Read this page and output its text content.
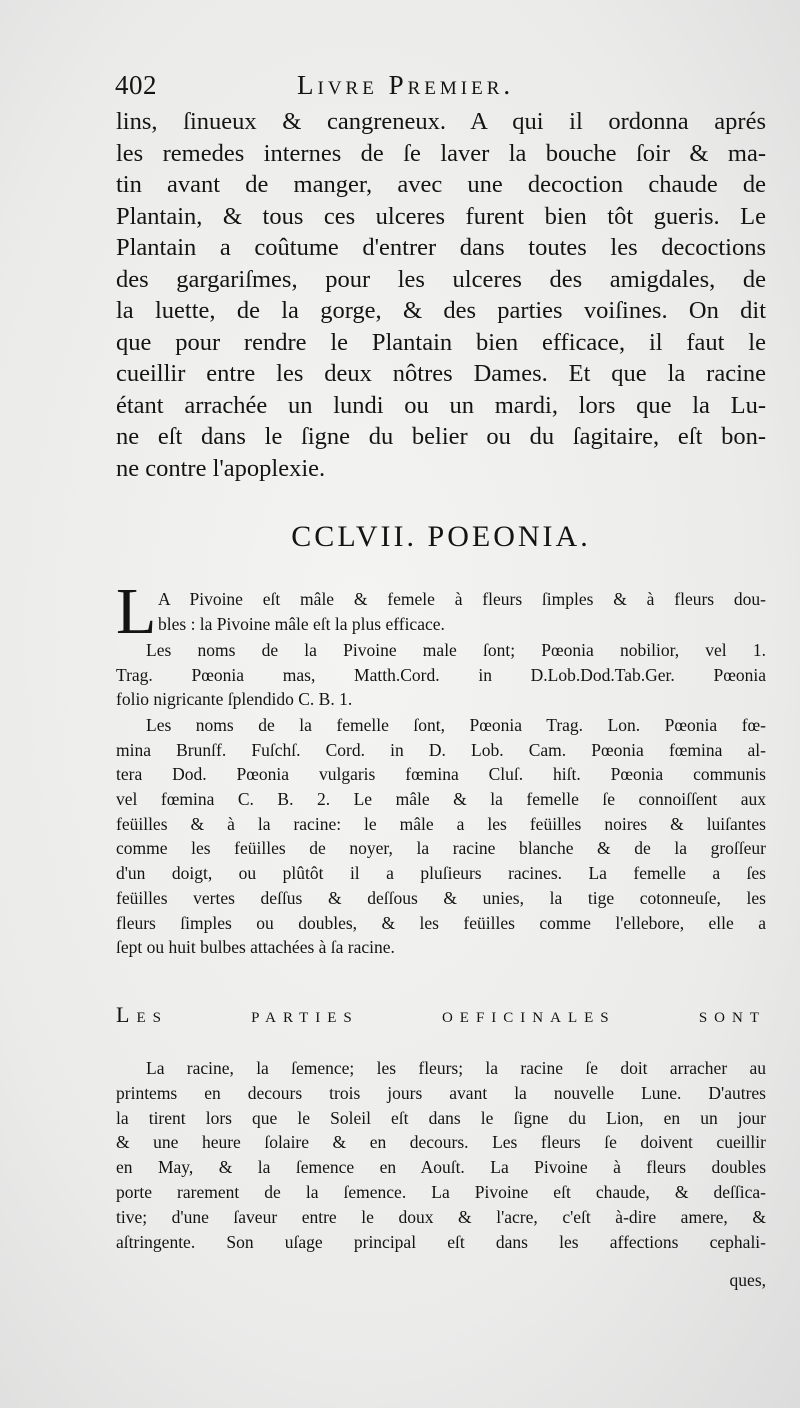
402	Livre Premier.
lins, ſinueux & cangreneux. A qui il ordonna aprés
les remedes internes de ſe laver la bouche ſoir & ma-
tin avant de manger, avec une decoction chaude de
Plantain, & tous ces ulceres furent bien tôt gueris. Le
Plantain a coûtume d'entrer dans toutes les decoctions
des gargariſmes, pour les ulceres des amigdales, de
la luette, de la gorge, & des parties voiſines. On dit
que pour rendre le Plantain bien efficace, il faut le
cueillir entre les deux nôtres Dames. Et que la racine
étant arrachée un lundi ou un mardi, lors que la Lu-
ne eſt dans le ſigne du belier ou du ſagitaire, eſt bon-
ne contre l'apoplexie.
CCLVII. POEONIA.
L A Pivoine eſt mâle & femele à fleurs ſimples & à fleurs dou-
bles : la Pivoine mâle eſt la plus efficace.
Les noms de la Pivoine male ſont; Pœonia nobilior, vel 1.
Trag. Pœonia mas, Matth.Cord. in D.Lob.Dod.Tab.Ger. Pœonia
folio nigricante ſplendido C. B. 1.
Les noms de la femelle ſont, Pœonia Trag. Lon. Pœonia fœ-
mina Brunſf. Fuſchſ. Cord. in D. Lob. Cam. Pœonia fœmina al-
tera Dod. Pœonia vulgaris fœmina Cluſ. hiſt. Pœonia communis
vel fœmina C. B. 2. Le mâle & la femelle ſe connoiſſent aux
feüilles & à la racine: le mâle a les feüilles noires & luiſantes
comme les feüilles de noyer, la racine blanche & de la groſſeur
d'un doigt, ou plûtôt il a pluſieurs racines. La femelle a ſes
feüilles vertes deſſus & deſſous & unies, la tige cotonneuſe, les
fleurs ſimples ou doubles, & les feüilles comme l'ellebore, elle a
ſept ou huit bulbes attachées à ſa racine.
Les parties oeficinales sont
La racine, la ſemence; les fleurs; la racine ſe doit arracher au
printems en decours trois jours avant la nouvelle Lune. D'autres
la tirent lors que le Soleil eſt dans le ſigne du Lion, en un jour
& une heure ſolaire & en decours. Les fleurs ſe doivent cueillir
en May, & la ſemence en Aouſt. La Pivoine à fleurs doubles
porte rarement de la ſemence. La Pivoine eſt chaude, & deſſica-
tive; d'une ſaveur entre le doux & l'acre, c'eſt à-dire amere, &
aſtringente. Son uſage principal eſt dans les affections cephali-
ques,
